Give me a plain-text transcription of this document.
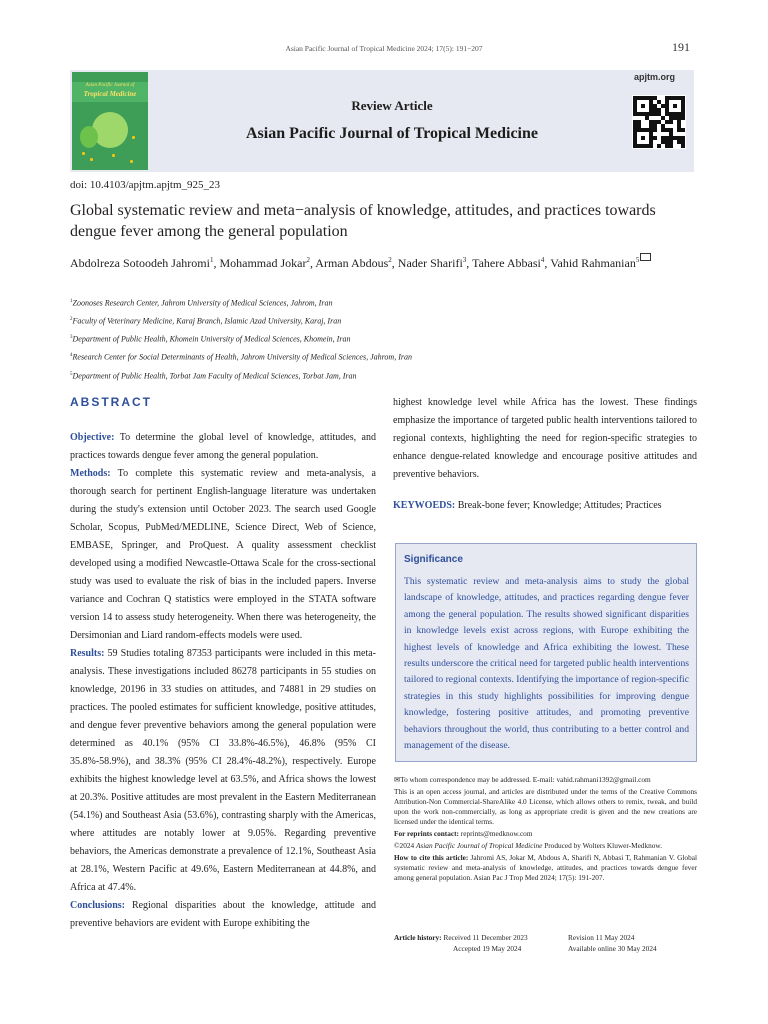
Asian Pacific Journal of Tropical Medicine 2024; 17(5): 191−207	191
Asian Pacific Journal of
Tropical Medicine
Review Article
Asian Pacific Journal of Tropical Medicine
apjtm.org
doi: 10.4103/apjtm.apjtm_925_23
Global systematic review and meta−analysis of knowledge, attitudes, and practices towards dengue fever among the general population
Abdolreza Sotoodeh Jahromi$^1$, Mohammad Jokar$^2$, Arman Abdous$^2$, Nader Sharifi$^3$, Tahere Abbasi$^4$, Vahid Rahmanian$^5$
$^1$Zoonoses Research Center, Jahrom University of Medical Sciences, Jahrom, Iran
$^2$Faculty of Veterinary Medicine, Karaj Branch, Islamic Azad University, Karaj, Iran
$^3$Department of Public Health, Khomein University of Medical Sciences, Khomein, Iran
$^4$Research Center for Social Determinants of Health, Jahrom University of Medical Sciences, Jahrom, Iran
$^5$Department of Public Health, Torbat Jam Faculty of Medical Sciences, Torbat Jam, Iran
ABSTRACT

Objective: To determine the global level of knowledge, attitudes, and practices towards dengue fever among the general population.

Methods: To complete this systematic review and meta-analysis, a thorough search for pertinent English-language literature was undertaken during the study's extension until October 2023. The search used Google Scholar, Scopus, PubMed/MEDLINE, Science Direct, Web of Science, EMBASE, Springer, and ProQuest. A quality assessment checklist developed using a modified Newcastle-Ottawa Scale for the cross-sectional study was used to evaluate the risk of bias in the included papers. Inverse variance and Cochran Q statistics were employed in the STATA software version 14 to assess study heterogeneity. When there was heterogeneity, the Dersimonian and Liard random-effects models were used.

Results: 59 Studies totaling 87353 participants were included in this meta-analysis. These investigations included 86278 participants in 55 studies on knowledge, 20196 in 33 studies on attitudes, and 74881 in 29 studies on practices. The pooled estimates for sufficient knowledge, positive attitudes, and dengue fever preventive behaviors among the general population were determined as 40.1% (95% CI 33.8%-46.5%), 46.8% (95% CI 35.8%-58.9%), and 38.3% (95% CI 28.4%-48.2%), respectively. Europe exhibits the highest knowledge level at 63.5%, and Africa shows the lowest at 20.3%. Positive attitudes are most prevalent in the Eastern Mediterranean (54.1%) and Southeast Asia (53.6%), contrasting sharply with the Americas, where attitudes are notably lower at 9.05%. Regarding preventive behaviors, the Americas demonstrate a prevalence of 12.1%, Southeast Asia at 28.1%, Western Pacific at 49.6%, Eastern Mediterranean at 44.8%, and Africa at 47.4%.

Conclusions: Regional disparities about the knowledge, attitude and preventive behaviors are evident with Europe exhibiting the

highest knowledge level while Africa has the lowest. These findings emphasize the importance of targeted public health interventions tailored to regional contexts, highlighting the need for region-specific strategies to enhance dengue-related knowledge and encourage positive attitudes and preventive behaviors.
KEYWOEDS: Break-bone fever; Knowledge; Attitudes; Practices
Significance
This systematic review and meta-analysis aims to study the global landscape of knowledge, attitudes, and practices regarding dengue fever among the general population. The results showed significant disparities in knowledge levels exist across regions, with Europe exhibiting the highest levels of knowledge and Africa exhibiting the lowest. These results underscore the critical need for targeted public health interventions tailored to regional contexts. Identifying the importance of region-specific strategies in this study highlights possibilities for improving dengue knowledge, fostering positive attitudes, and promoting preventive behaviors throughout the world, thus contributing to a better control and management of the disease.

✉To whom correspondence may be addressed. E-mail: vahid.rahmani1392@gmail.com

This is an open access journal, and articles are distributed under the terms of the Creative Commons Attribution-Non Commercial-ShareAlike 4.0 License, which allows others to remix, tweak, and build upon the work non-commercially, as long as appropriate credit is given and the new creations are licensed under the identical terms.

For reprints contact: reprints@medknow.com

©2024 Asian Pacific Journal of Tropical Medicine Produced by Wolters Kluwer-Medknow.

How to cite this article: Jahromi AS, Jokar M, Abdous A, Sharifi N, Abbasi T, Rahmanian V. Global systematic review and meta-analysis of knowledge, attitudes, and practices towards dengue fever among general population. Asian Pac J Trop Med 2024; 17(5): 191-207.

Article history: Received 11 December 2023	Revision 11 May 2024
Accepted 19 May 2024	Available online 30 May 2024
